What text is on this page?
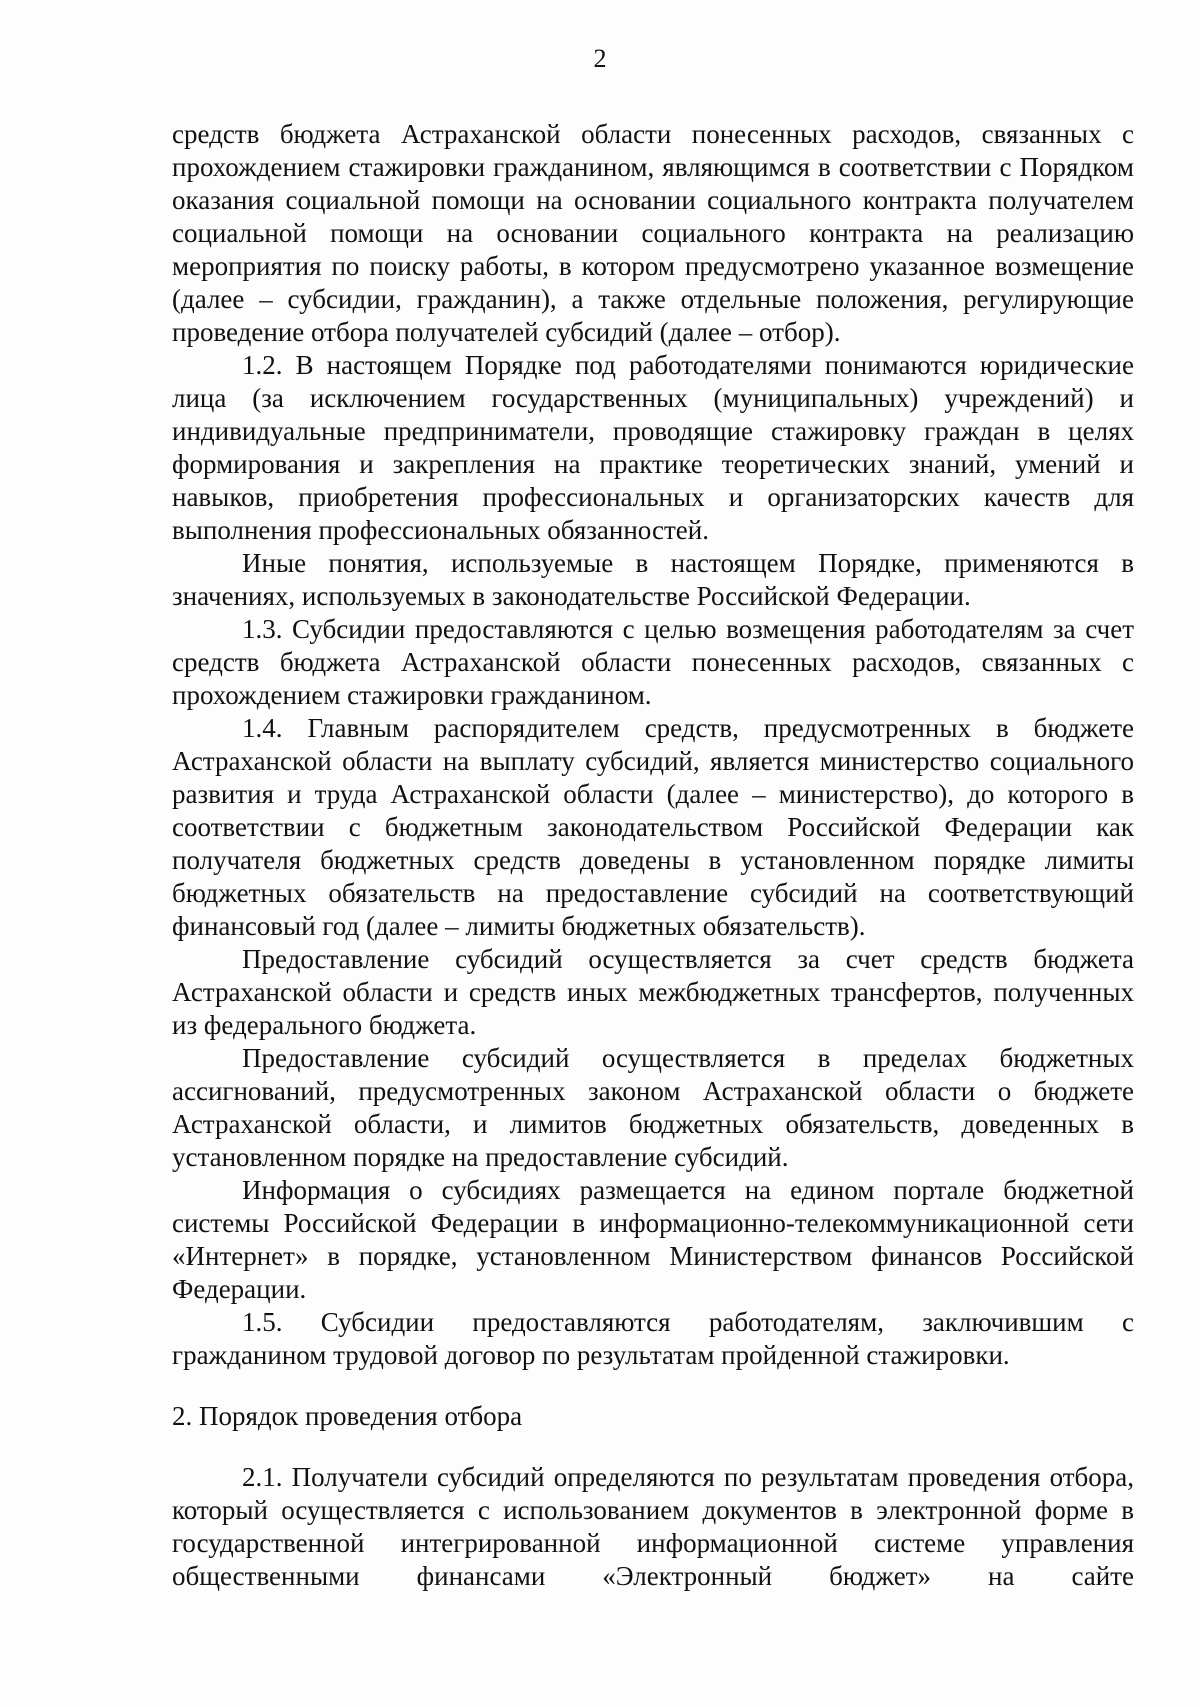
2

средств бюджета Астраханской области понесенных расходов, связанных с прохождением стажировки гражданином, являющимся в соответствии с Порядком оказания социальной помощи на основании социального контракта получателем социальной помощи на основании социального контракта на реализацию мероприятия по поиску работы, в котором предусмотрено указанное возмещение (далее – субсидии, гражданин), а также отдельные положения, регулирующие проведение отбора получателей субсидий (далее – отбор).

1.2. В настоящем Порядке под работодателями понимаются юридические лица (за исключением государственных (муниципальных) учреждений) и индивидуальные предприниматели, проводящие стажировку граждан в целях формирования и закрепления на практике теоретических знаний, умений и навыков, приобретения профессиональных и организаторских качеств для выполнения профессиональных обязанностей.

Иные понятия, используемые в настоящем Порядке, применяются в значениях, используемых в законодательстве Российской Федерации.

1.3. Субсидии предоставляются с целью возмещения работодателям за счет средств бюджета Астраханской области понесенных расходов, связанных с прохождением стажировки гражданином.

1.4. Главным распорядителем средств, предусмотренных в бюджете Астраханской области на выплату субсидий, является министерство социального развития и труда Астраханской области (далее – министерство), до которого в соответствии с бюджетным законодательством Российской Федерации как получателя бюджетных средств доведены в установленном порядке лимиты бюджетных обязательств на предоставление субсидий на соответствующий финансовый год (далее – лимиты бюджетных обязательств).

Предоставление субсидий осуществляется за счет средств бюджета Астраханской области и средств иных межбюджетных трансфертов, полученных из федерального бюджета.

Предоставление субсидий осуществляется в пределах бюджетных ассигнований, предусмотренных законом Астраханской области о бюджете Астраханской области, и лимитов бюджетных обязательств, доведенных в установленном порядке на предоставление субсидий.

Информация о субсидиях размещается на едином портале бюджетной системы Российской Федерации в информационно-телекоммуникационной сети «Интернет» в порядке, установленном Министерством финансов Российской Федерации.

1.5. Субсидии предоставляются работодателям, заключившим с гражданином трудовой договор по результатам пройденной стажировки.

2. Порядок проведения отбора

2.1. Получатели субсидий определяются по результатам проведения отбора, который осуществляется с использованием документов в электронной форме в государственной интегрированной информационной системе управления общественными финансами «Электронный бюджет» на сайте
